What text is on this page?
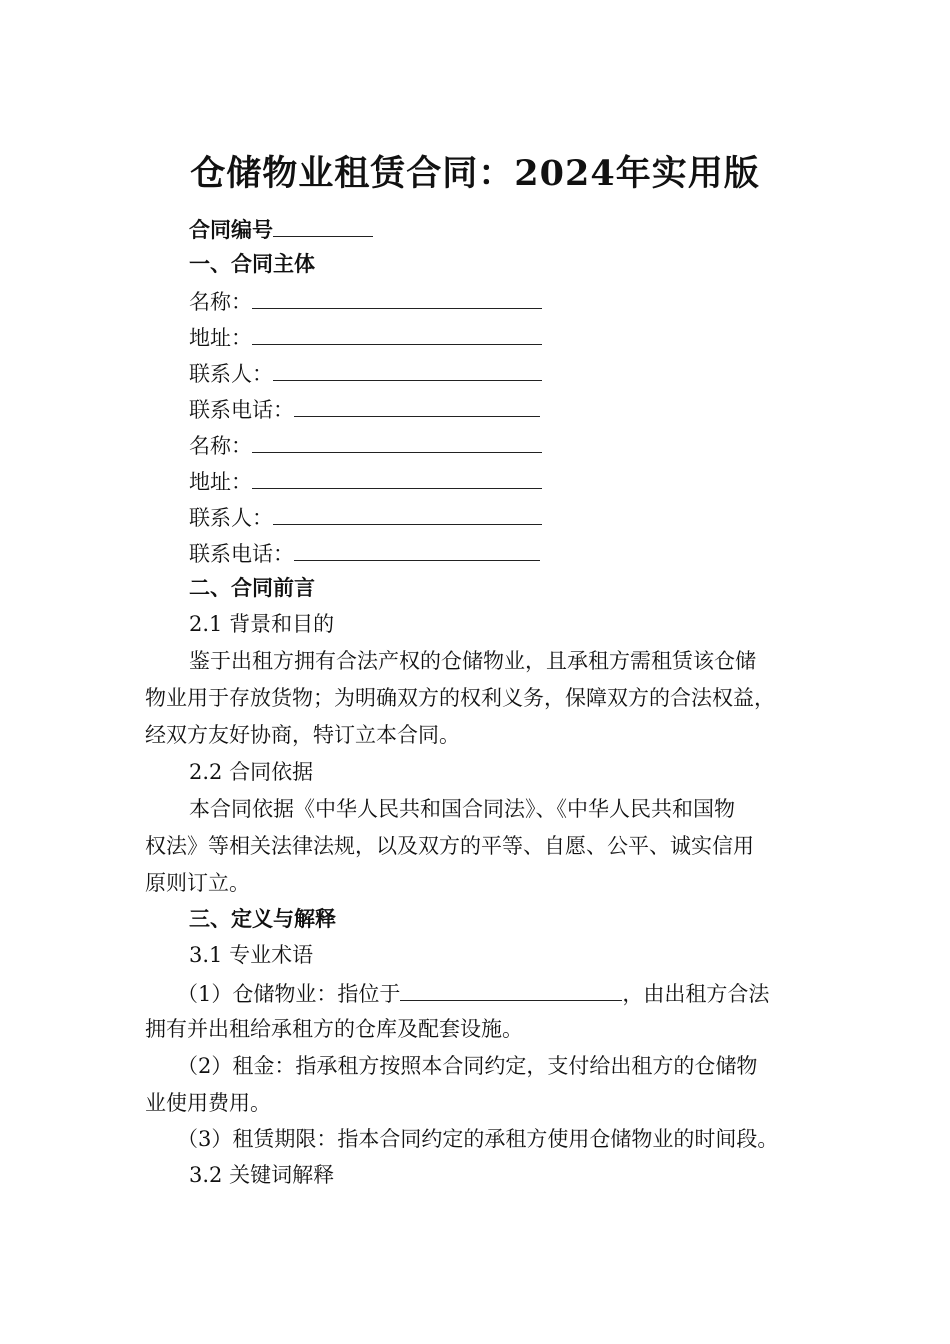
仓储物业租赁合同：2024年实用版
合同编号
一、合同主体
名称：
地址：
联系人：
联系电话：
名称：
地址：
联系人：
联系电话：
二、合同前言
2.1 背景和目的
鉴于出租方拥有合法产权的仓储物业，且承租方需租赁该仓储
物业用于存放货物；为明确双方的权利义务，保障双方的合法权益，
经双方友好协商，特订立本合同。
2.2 合同依据
本合同依据《中华人民共和国合同法》、《中华人民共和国物
权法》等相关法律法规，以及双方的平等、自愿、公平、诚实信用
原则订立。
三、定义与解释
3.1 专业术语
（1）仓储物业：指位于	，由出租方合法
拥有并出租给承租方的仓库及配套设施。
（2）租金：指承租方按照本合同约定，支付给出租方的仓储物
业使用费用。
（3）租赁期限：指本合同约定的承租方使用仓储物业的时间段。
3.2 关键词解释
